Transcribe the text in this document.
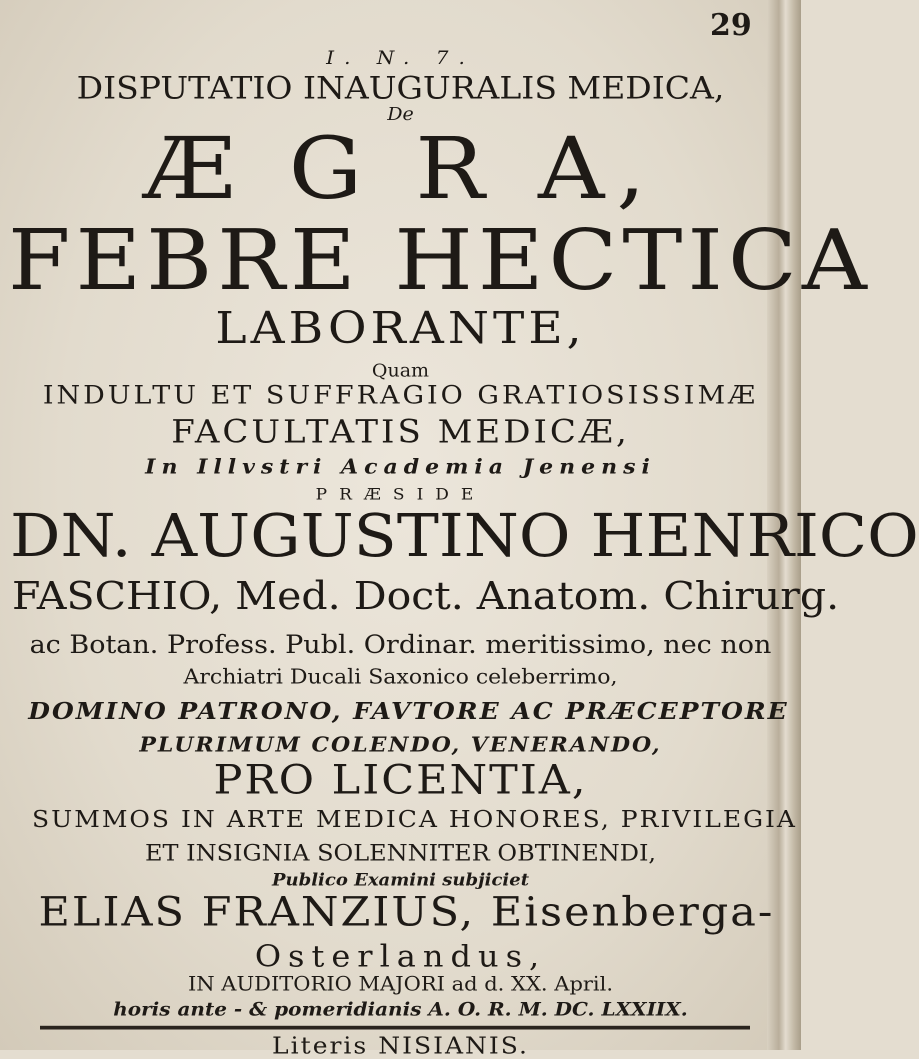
29
I. N. 7.
DISPUTATIO INAUGURALIS MEDICA,
De
Æ G R A,
FEBRE HECTICA
LABORANTE,
Quam
INDULTU ET SUFFRAGIO GRATIOSISSIMÆ
FACULTATIS MEDICÆ,
In Illvstri Academia Jenensi
PRÆSIDE
DN. AUGUSTINO HENRICO
FASCHIO, Med. Doct. Anatom. Chirurg.
ac Botan. Profess. Publ. Ordinar. meritissimo, nec non
Archiatri Ducali Saxonico celeberrimo,
DOMINO PATRONO, FAVTORE AC PRÆCEPTORE
PLURIMUM COLENDO, VENERANDO,
PRO LICENTIA,
SUMMOS IN ARTE MEDICA HONORES, PRIVILEGIA
ET INSIGNIA SOLENNITER OBTINENDI,
Publico Examini subjiciet
ELIAS FRANZIUS, Eisenberga-
Osterlandus,
IN AUDITORIO MAJORI ad d. XX. April.
horis ante - & pomeridianis A. O. R. M. DC. LXXIIX.
Literis NISIANIS.
